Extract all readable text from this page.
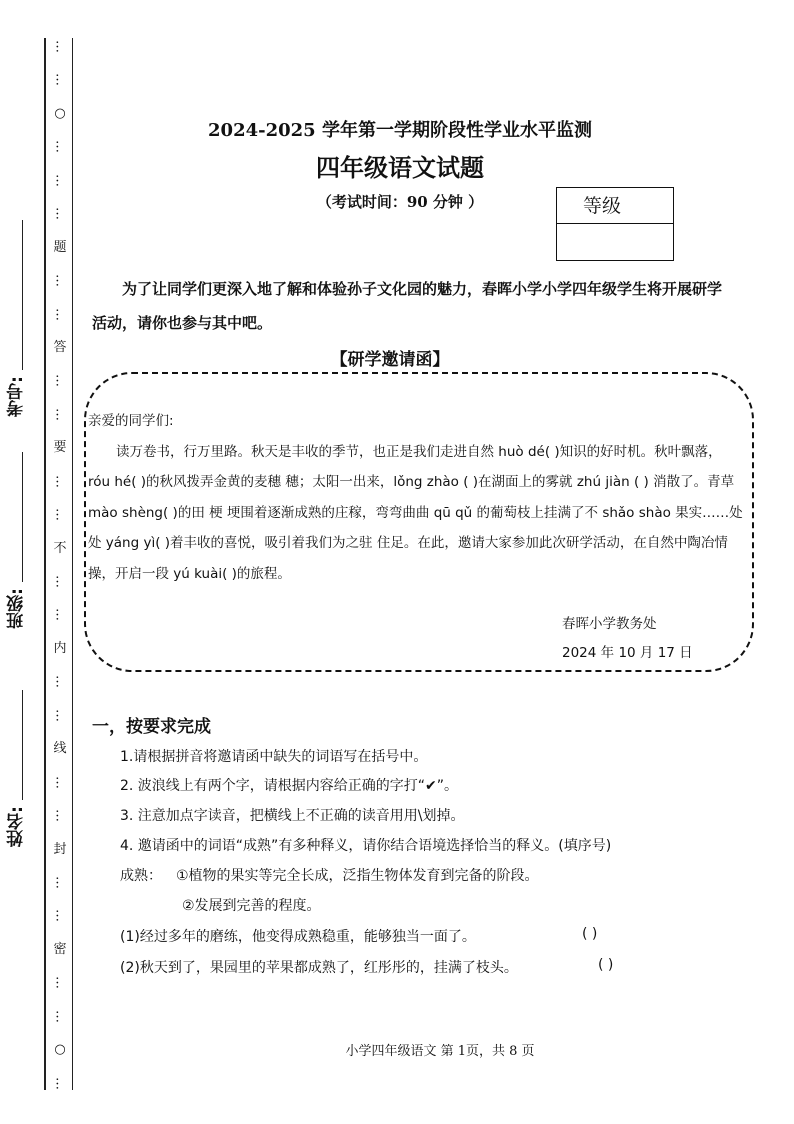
…
…
○
…
…
…
题
…
…
答
…
…
要
…
…
不
…
…
内
…
…
线
…
…
封
…
…
密
…
…
○
…
考号:
班级:
姓名:
2024-2025 学年第一学期阶段性学业水平监测
四年级语文试题
（考试时间：90 分钟 ）	等级
为了让同学们更深入地了解和体验孙子文化园的魅力，春晖小学小学四年级学生将开展研学活动，请你也参与其中吧。
【研学邀请函】

亲爱的同学们:

读万卷书，行万里路。秋天是丰收的季节，也正是我们走进自然 huò dé( )知识的好时机。秋叶飘落，róu hé( )的秋风拨弄金黄的麦穗 穗；太阳一出来，lǒng zhào ( )在湖面上的雾就 zhú jiàn ( ) 消散了。青草 mào shèng( )的田 梗 埂围着逐渐成熟的庄稼，弯弯曲曲 qū qǔ 的葡萄枝上挂满了不 shǎo shào 果实……处处 yáng yì( )着丰收的喜悦，吸引着我们为之驻 住足。在此，邀请大家参加此次研学活动，在自然中陶冶情操，开启一段 yú kuài( )的旅程。

春晖小学教务处
2024 年 10 月 17 日
一，按要求完成
1.请根据拼音将邀请函中缺失的词语写在括号中。
2. 波浪线上有两个字，请根据内容给正确的字打“✔”。
3. 注意加点字读音，把横线上不正确的读音用用\划掉。
4. 邀请函中的词语“成熟”有多种释义，请你结合语境选择恰当的释义。(填序号)
成熟： ①植物的果实等完全长成，泛指生物体发育到完备的阶段。
②发展到完善的程度。
(1)经过多年的磨练，他变得成熟稳重，能够独当一面了。	( )
(2)秋天到了，果园里的苹果都成熟了，红彤彤的，挂满了枝头。	( )
小学四年级语文 第 1页，共 8 页
